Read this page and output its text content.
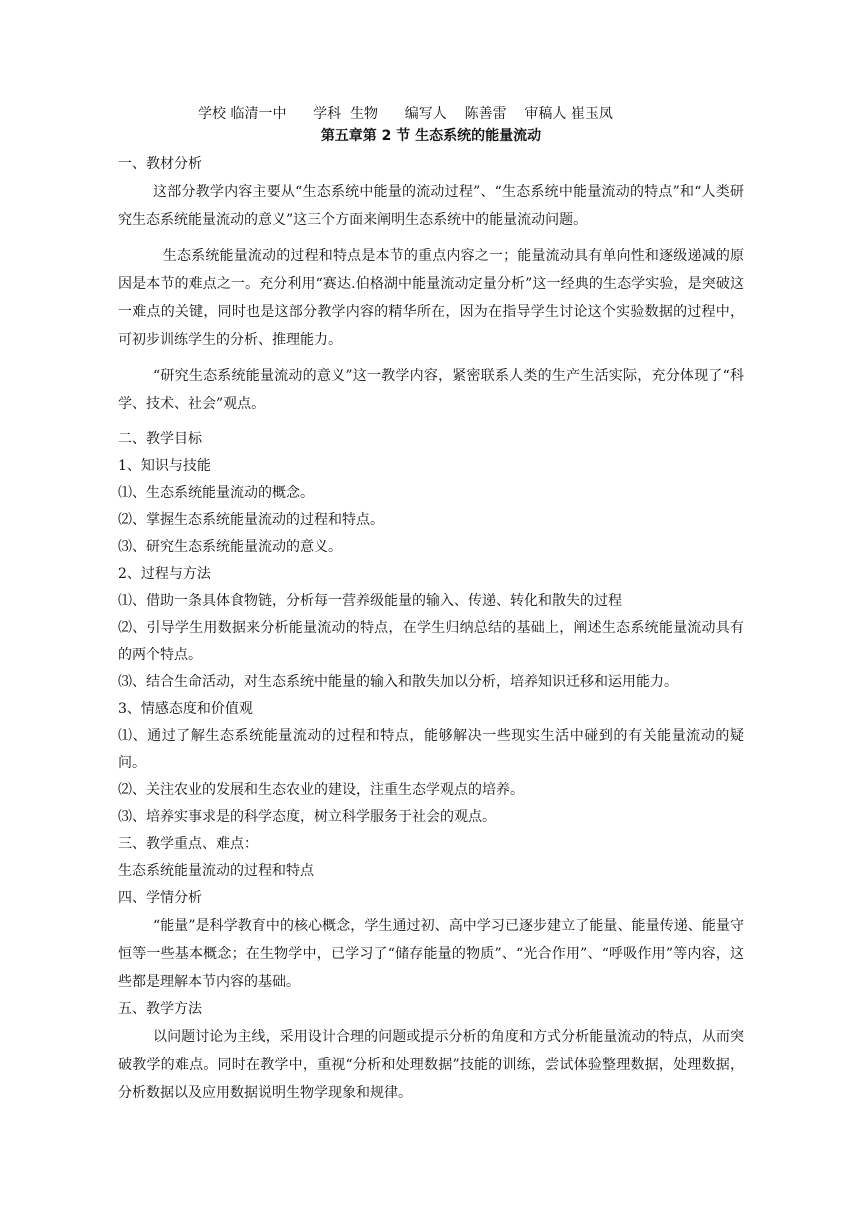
学校 临清一中 学科 生物 编写人 陈善雷 审稿人 崔玉凤
第五章第 2 节 生态系统的能量流动

一、教材分析

这部分教学内容主要从“生态系统中能量的流动过程”、“生态系统中能量流动的特点”和“人类研究生态系统能量流动的意义”这三个方面来阐明生态系统中的能量流动问题。

生态系统能量流动的过程和特点是本节的重点内容之一；能量流动具有单向性和逐级递减的原因是本节的难点之一。充分利用“赛达.伯格湖中能量流动定量分析”这一经典的生态学实验，是突破这一难点的关键，同时也是这部分教学内容的精华所在，因为在指导学生讨论这个实验数据的过程中，可初步训练学生的分析、推理能力。

“研究生态系统能量流动的意义”这一教学内容，紧密联系人类的生产生活实际，充分体现了“科学、技术、社会”观点。

二、教学目标

1、知识与技能

⑴、生态系统能量流动的概念。

⑵、掌握生态系统能量流动的过程和特点。

⑶、研究生态系统能量流动的意义。

2、过程与方法

⑴、借助一条具体食物链，分析每一营养级能量的输入、传递、转化和散失的过程

⑵、引导学生用数据来分析能量流动的特点，在学生归纳总结的基础上，阐述生态系统能量流动具有的两个特点。

⑶、结合生命活动，对生态系统中能量的输入和散失加以分析，培养知识迁移和运用能力。

3、情感态度和价值观

⑴、通过了解生态系统能量流动的过程和特点，能够解决一些现实生活中碰到的有关能量流动的疑问。

⑵、关注农业的发展和生态农业的建设，注重生态学观点的培养。

⑶、培养实事求是的科学态度，树立科学服务于社会的观点。

三、教学重点、难点：

生态系统能量流动的过程和特点

四、学情分析

“能量”是科学教育中的核心概念，学生通过初、高中学习已逐步建立了能量、能量传递、能量守恒等一些基本概念；在生物学中，已学习了“储存能量的物质”、“光合作用”、“呼吸作用”等内容，这些都是理解本节内容的基础。

五、教学方法

以问题讨论为主线，采用设计合理的问题或提示分析的角度和方式分析能量流动的特点，从而突破教学的难点。同时在教学中，重视“分析和处理数据”技能的训练，尝试体验整理数据，处理数据，分析数据以及应用数据说明生物学现象和规律。
